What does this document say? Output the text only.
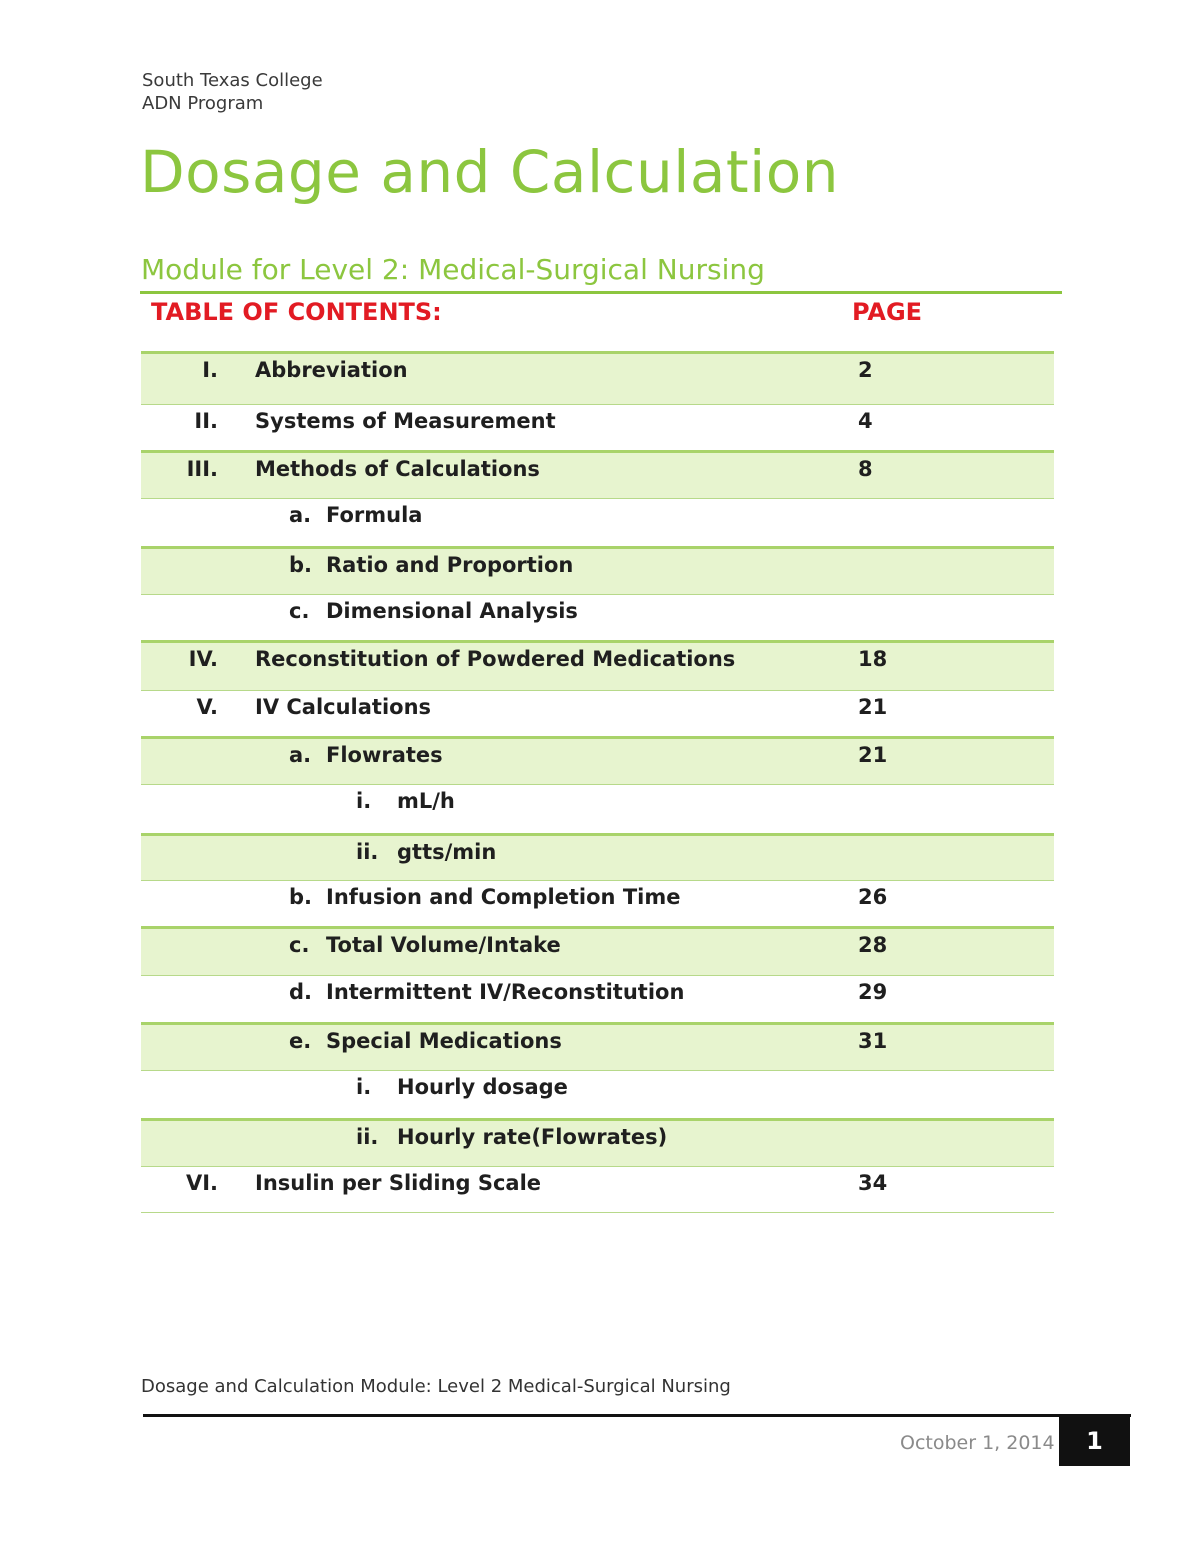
South Texas College
ADN Program
Dosage and Calculation
Module for Level 2: Medical-Surgical Nursing
TABLE OF CONTENTS:	PAGE
I. Abbreviation	2
II. Systems of Measurement	4
III. Methods of Calculations	8
a. Formula
b. Ratio and Proportion
c. Dimensional Analysis
IV. Reconstitution of Powdered Medications	18
V. IV Calculations	21
a. Flowrates	21
i. mL/h
ii. gtts/min
b. Infusion and Completion Time	26
c. Total Volume/Intake	28
d. Intermittent IV/Reconstitution	29
e. Special Medications	31
i. Hourly dosage
ii. Hourly rate(Flowrates)
VI. Insulin per Sliding Scale	34
Dosage and Calculation Module: Level 2 Medical-Surgical Nursing
October 1, 2014 1
